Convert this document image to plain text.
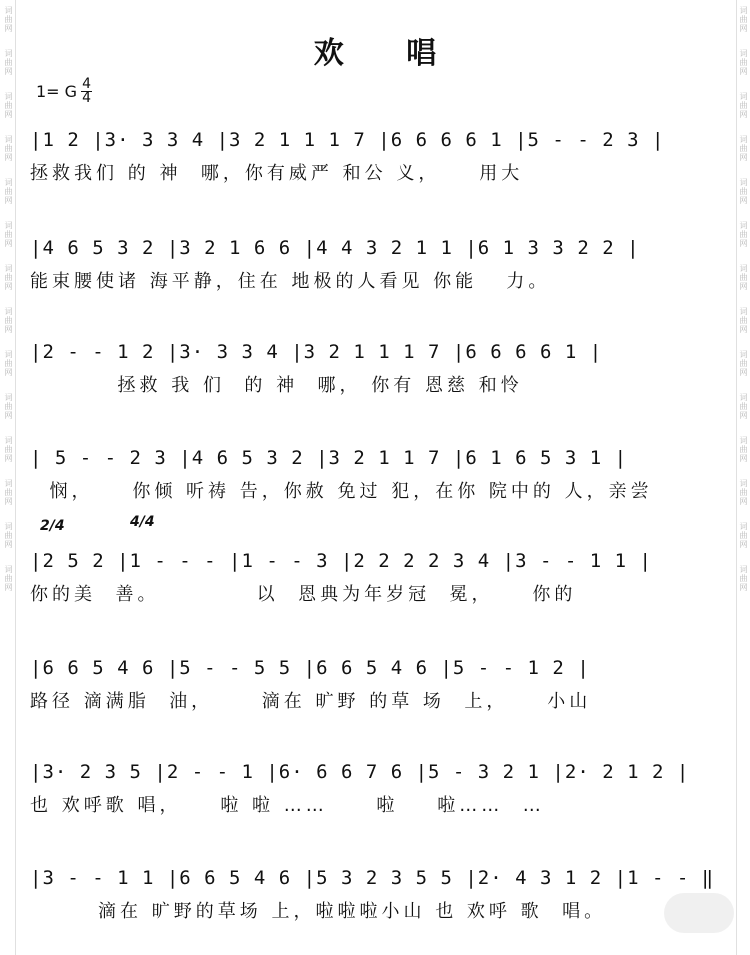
词曲网
词曲网
词曲网
词曲网
词曲网
词曲网
词曲网
词曲网
词曲网
词曲网
词曲网
词曲网
词曲网
词曲网
词曲网
词曲网
词曲网
词曲网
词曲网
词曲网
词曲网
词曲网
词曲网
词曲网
词曲网
词曲网
词曲网
词曲网
欢 唱
1= G $\frac{4}{4}$
2/4	4/4
|1 2 |3· 3 3 4 |3 2 1 1 1 7 |6 6 6 6 1 |5 - - 2 3 |
拯救我们 的 神  哪，你有威严 和公 义，    用大
|4 6 5 3 2 |3 2 1 6 6 |4 4 3 2 1 1 |6 1 3 3 2 2 |
能束腰使诸 海平静，住在 地极的人看见 你能   力。
|2 - - 1 2 |3· 3 3 4 |3 2 1 1 1 7 |6 6 6 6 1 |
拯救 我 们  的 神  哪， 你有 恩慈 和怜
| 5 - - 2 3 |4 6 5 3 2 |3 2 1 1 7 |6 1 6 5 3 1 |
悯，    你倾 听祷 告，你赦 免过 犯，在你 院中的 人，亲尝
|2 5 2 |1 - - - |1 - - 3 |2 2 2 2 3 4 |3 - - 1 1 |
你的美  善。          以  恩典为年岁冠  冕，    你的
|6 6 5 4 6 |5 - - 5 5 |6 6 5 4 6 |5 - - 1 2 |
路径 滴满脂  油，     滴在 旷野 的草 场  上，    小山
|3· 2 3 5 |2 - - 1 |6· 6 6 7 6 |5 - 3 2 1 |2· 2 1 2 |
也 欢呼歌 唱，    啦 啦 ……     啦    啦……  …
|3 - - 1 1 |6 6 5 4 6 |5 3 2 3 5 5 |2· 4 3 1 2 |1 - - ‖
滴在 旷野的草场 上，啦啦啦小山 也 欢呼 歌  唱。
